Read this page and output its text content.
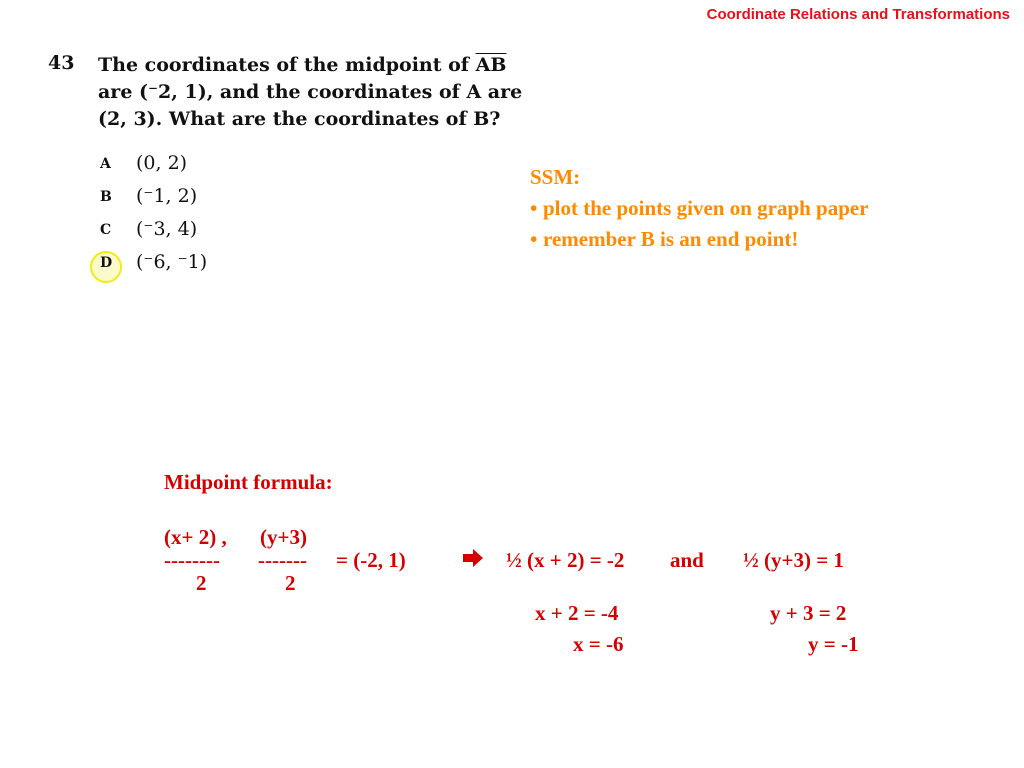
Coordinate Relations and Transformations
43 The coordinates of the midpoint of $\overline{AB}$
are (⁻2, 1), and the coordinates of A are
(2, 3). What are the coordinates of B?
A (0, 2)
B (⁻1, 2)
C (⁻3, 4)
D (⁻6, ⁻1)
SSM:
• plot the points given on graph paper
• remember B is an end point!
Midpoint formula:
(x+ 2) , (y+3)
-------- -------
2	2
= (-2, 1)	½ (x + 2) = -2 and ½ (y+3) = 1
x + 2 = -4
x = -6
y + 3 = 2
y = -1
